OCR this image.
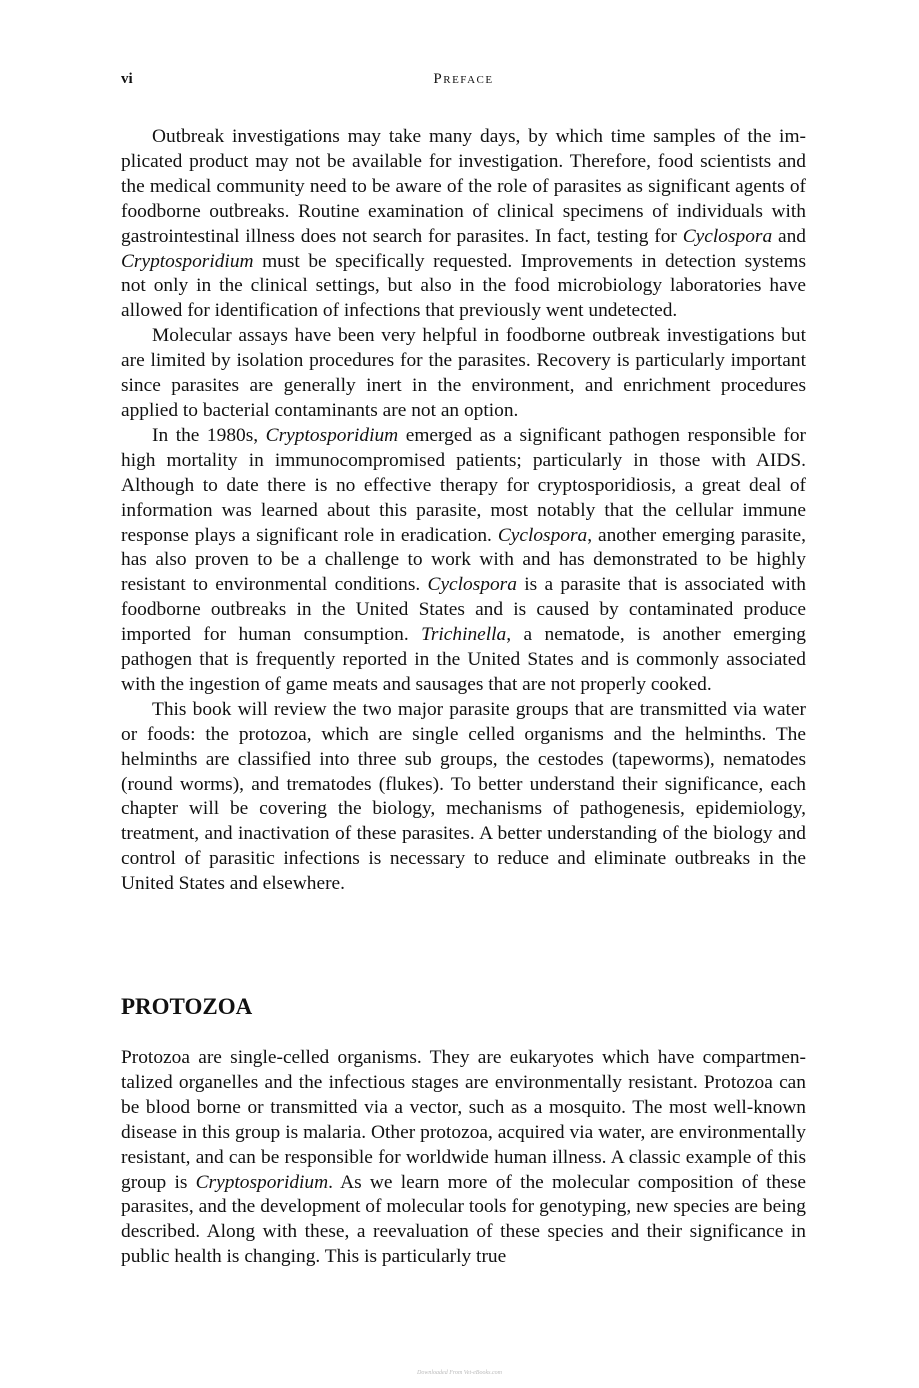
vi	Preface

Outbreak investigations may take many days, by which time samples of the implicated product may not be available for investigation. Therefore, food scientists and the medical community need to be aware of the role of parasites as significant agents of foodborne outbreaks. Routine examination of clinical specimens of individuals with gastrointestinal illness does not search for parasites. In fact, testing for Cyclospora and Cryptosporidium must be specifically requested. Improvements in detection systems not only in the clinical settings, but also in the food microbiology laboratories have allowed for identification of infections that previously went undetected.

Molecular assays have been very helpful in foodborne outbreak investigations but are limited by isolation procedures for the parasites. Recovery is particularly important since parasites are generally inert in the environment, and enrichment procedures applied to bacterial contaminants are not an option.

In the 1980s, Cryptosporidium emerged as a significant pathogen responsible for high mortality in immunocompromised patients; particularly in those with AIDS. Although to date there is no effective therapy for cryptosporidiosis, a great deal of information was learned about this parasite, most notably that the cellular immune response plays a significant role in eradication. Cyclospora, another emerging parasite, has also proven to be a challenge to work with and has demonstrated to be highly resistant to environmental conditions. Cyclospora is a parasite that is associated with foodborne outbreaks in the United States and is caused by contaminated produce imported for human consumption. Trichinella, a nematode, is another emerging pathogen that is frequently reported in the United States and is commonly associated with the ingestion of game meats and sausages that are not properly cooked.

This book will review the two major parasite groups that are transmitted via water or foods: the protozoa, which are single celled organisms and the helminths. The helminths are classified into three sub groups, the cestodes (tapeworms), nematodes (round worms), and trematodes (flukes). To better understand their significance, each chapter will be covering the biology, mechanisms of pathogenesis, epidemiology, treatment, and inactivation of these parasites. A better understanding of the biology and control of parasitic infections is necessary to reduce and eliminate outbreaks in the United States and elsewhere.

PROTOZOA

Protozoa are single-celled organisms. They are eukaryotes which have compartmentalized organelles and the infectious stages are environmentally resistant. Protozoa can be blood borne or transmitted via a vector, such as a mosquito. The most well-known disease in this group is malaria. Other protozoa, acquired via water, are environmentally resistant, and can be responsible for worldwide human illness. A classic example of this group is Cryptosporidium. As we learn more of the molecular composition of these parasites, and the development of molecular tools for genotyping, new species are being described. Along with these, a reevaluation of these species and their significance in public health is changing. This is particularly true

Downloaded From Vet-eBooks.com
